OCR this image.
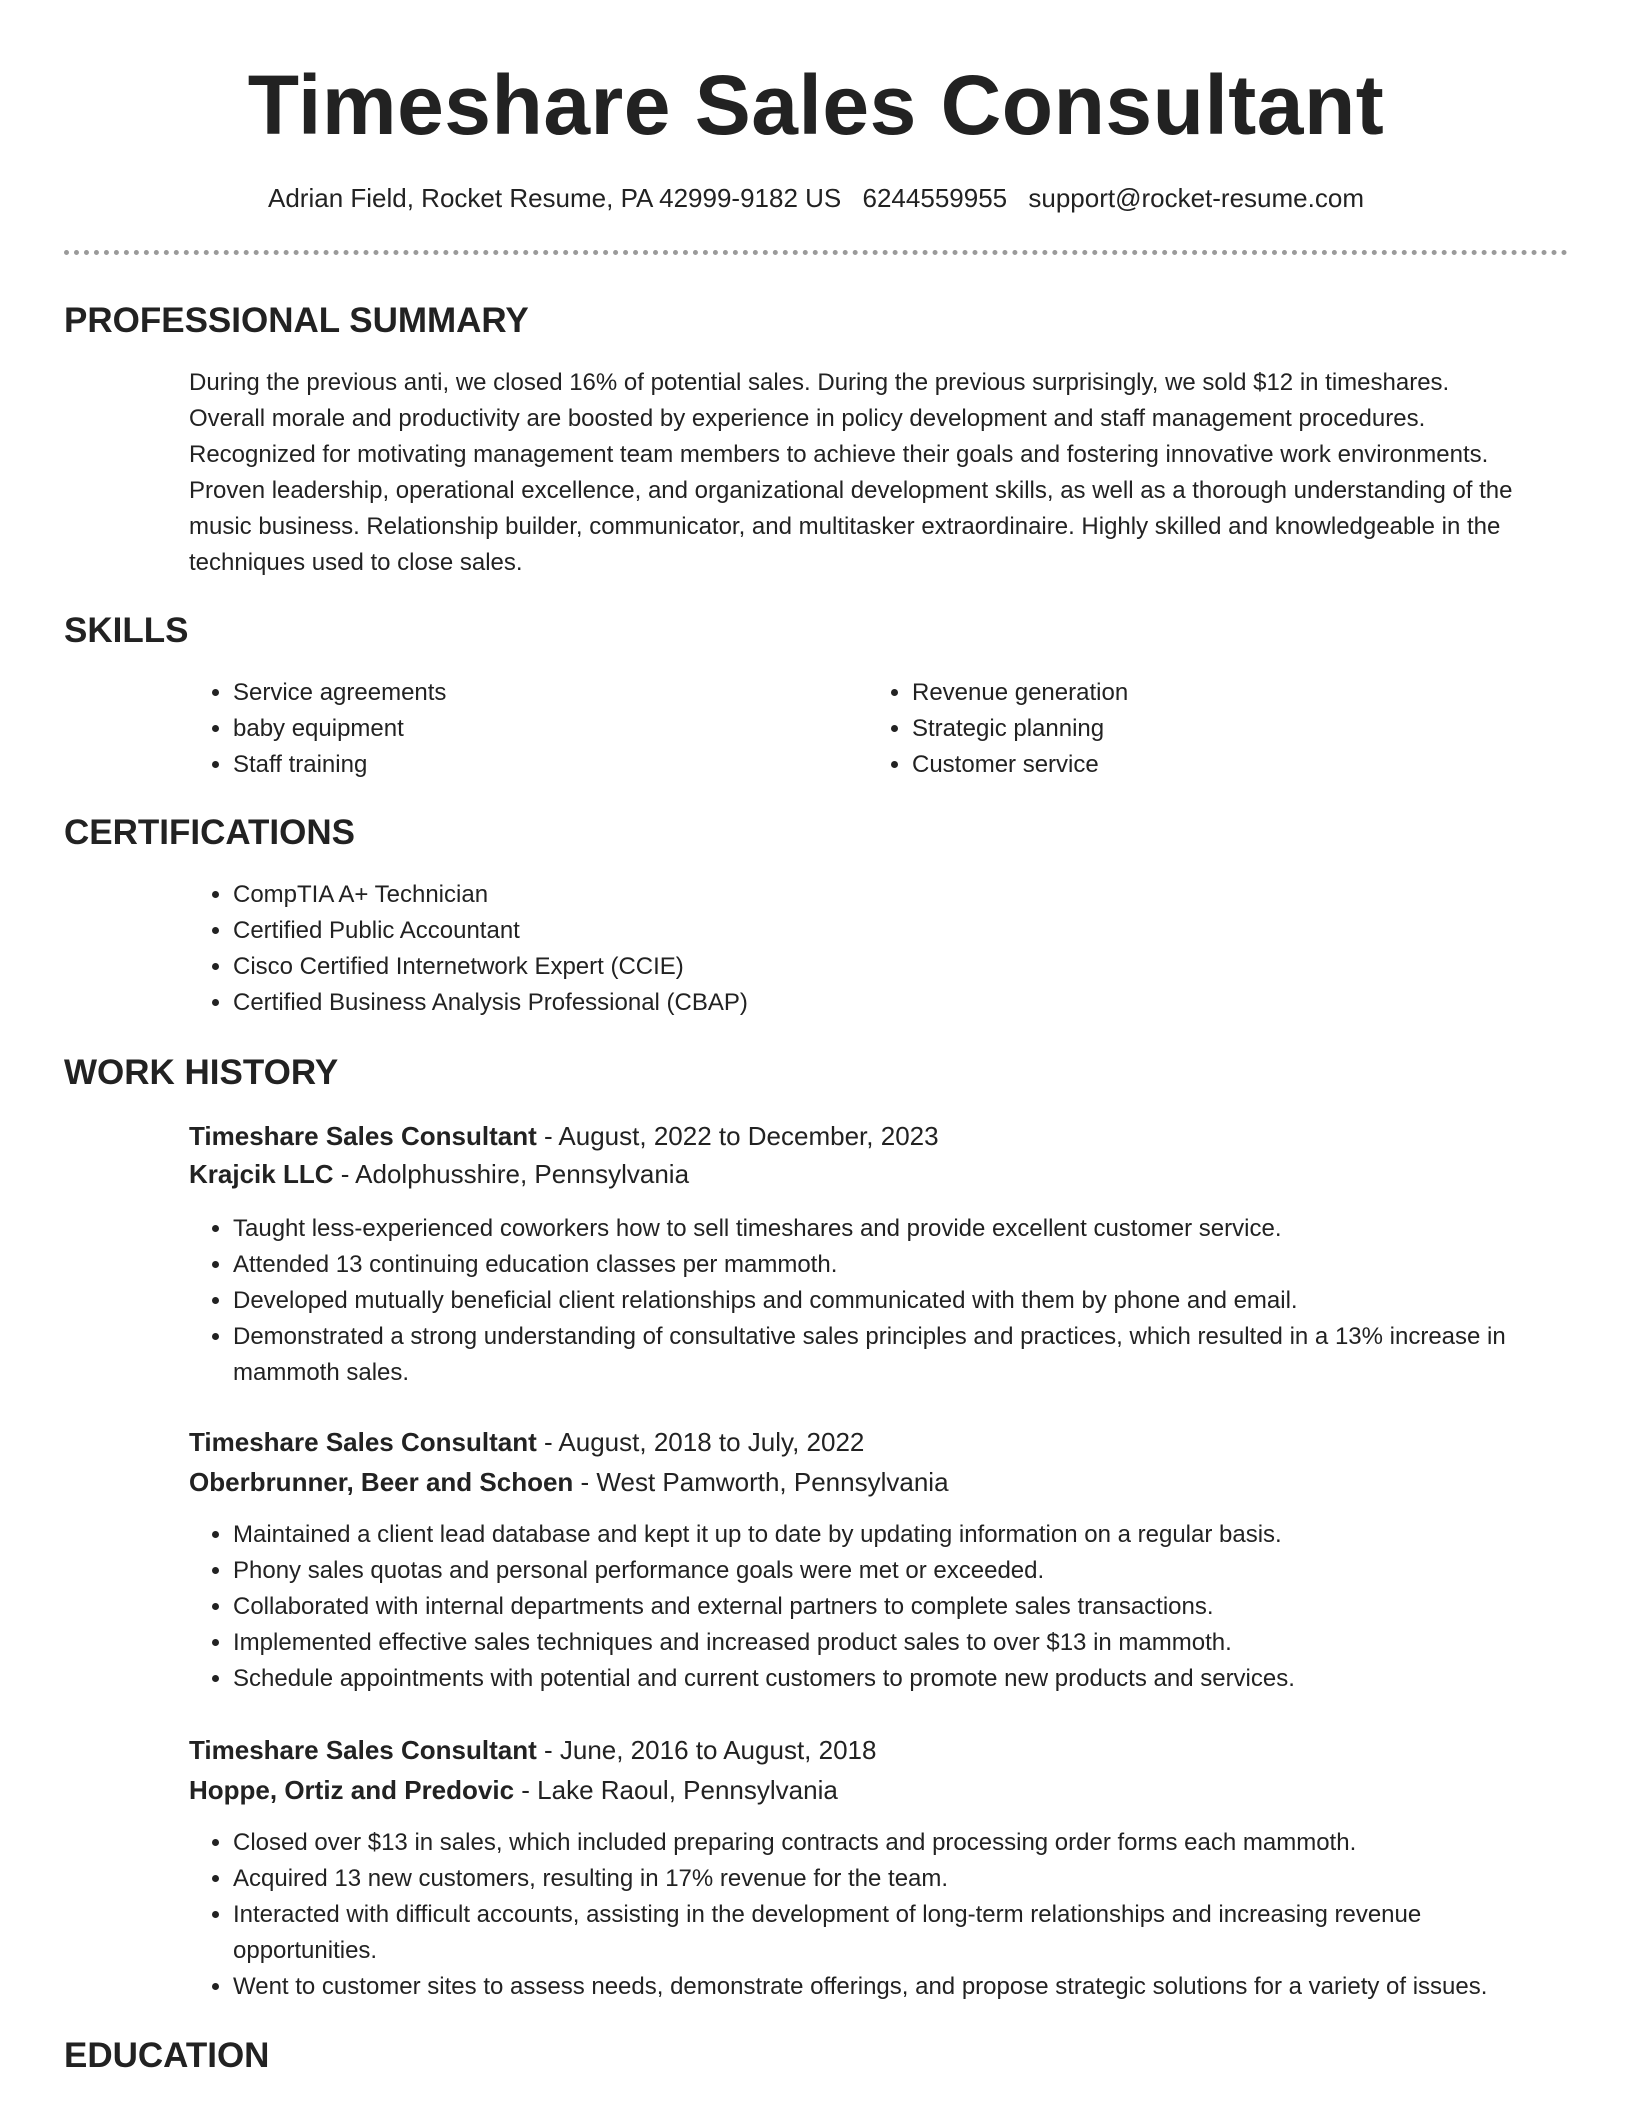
Timeshare Sales Consultant
Adrian Field, Rocket Resume, PA 42999-9182 US 6244559955 support@rocket-resume.com
PROFESSIONAL SUMMARY
During the previous anti, we closed 16% of potential sales. During the previous surprisingly, we sold $12 in timeshares.
Overall morale and productivity are boosted by experience in policy development and staff management procedures.
Recognized for motivating management team members to achieve their goals and fostering innovative work environments.
Proven leadership, operational excellence, and organizational development skills, as well as a thorough understanding of the
music business. Relationship builder, communicator, and multitasker extraordinaire. Highly skilled and knowledgeable in the
techniques used to close sales.
SKILLS
• Service agreements
• baby equipment
• Staff training
• Revenue generation
• Strategic planning
• Customer service
CERTIFICATIONS
• CompTIA A+ Technician
• Certified Public Accountant
• Cisco Certified Internetwork Expert (CCIE)
• Certified Business Analysis Professional (CBAP)
WORK HISTORY
Timeshare Sales Consultant - August, 2022 to December, 2023
Krajcik LLC - Adolphusshire, Pennsylvania
• Taught less-experienced coworkers how to sell timeshares and provide excellent customer service.
• Attended 13 continuing education classes per mammoth.
• Developed mutually beneficial client relationships and communicated with them by phone and email.
• Demonstrated a strong understanding of consultative sales principles and practices, which resulted in a 13% increase in mammoth sales.
Timeshare Sales Consultant - August, 2018 to July, 2022
Oberbrunner, Beer and Schoen - West Pamworth, Pennsylvania
• Maintained a client lead database and kept it up to date by updating information on a regular basis.
• Phony sales quotas and personal performance goals were met or exceeded.
• Collaborated with internal departments and external partners to complete sales transactions.
• Implemented effective sales techniques and increased product sales to over $13 in mammoth.
• Schedule appointments with potential and current customers to promote new products and services.
Timeshare Sales Consultant - June, 2016 to August, 2018
Hoppe, Ortiz and Predovic - Lake Raoul, Pennsylvania
• Closed over $13 in sales, which included preparing contracts and processing order forms each mammoth.
• Acquired 13 new customers, resulting in 17% revenue for the team.
• Interacted with difficult accounts, assisting in the development of long-term relationships and increasing revenue opportunities.
• Went to customer sites to assess needs, demonstrate offerings, and propose strategic solutions for a variety of issues.
EDUCATION
